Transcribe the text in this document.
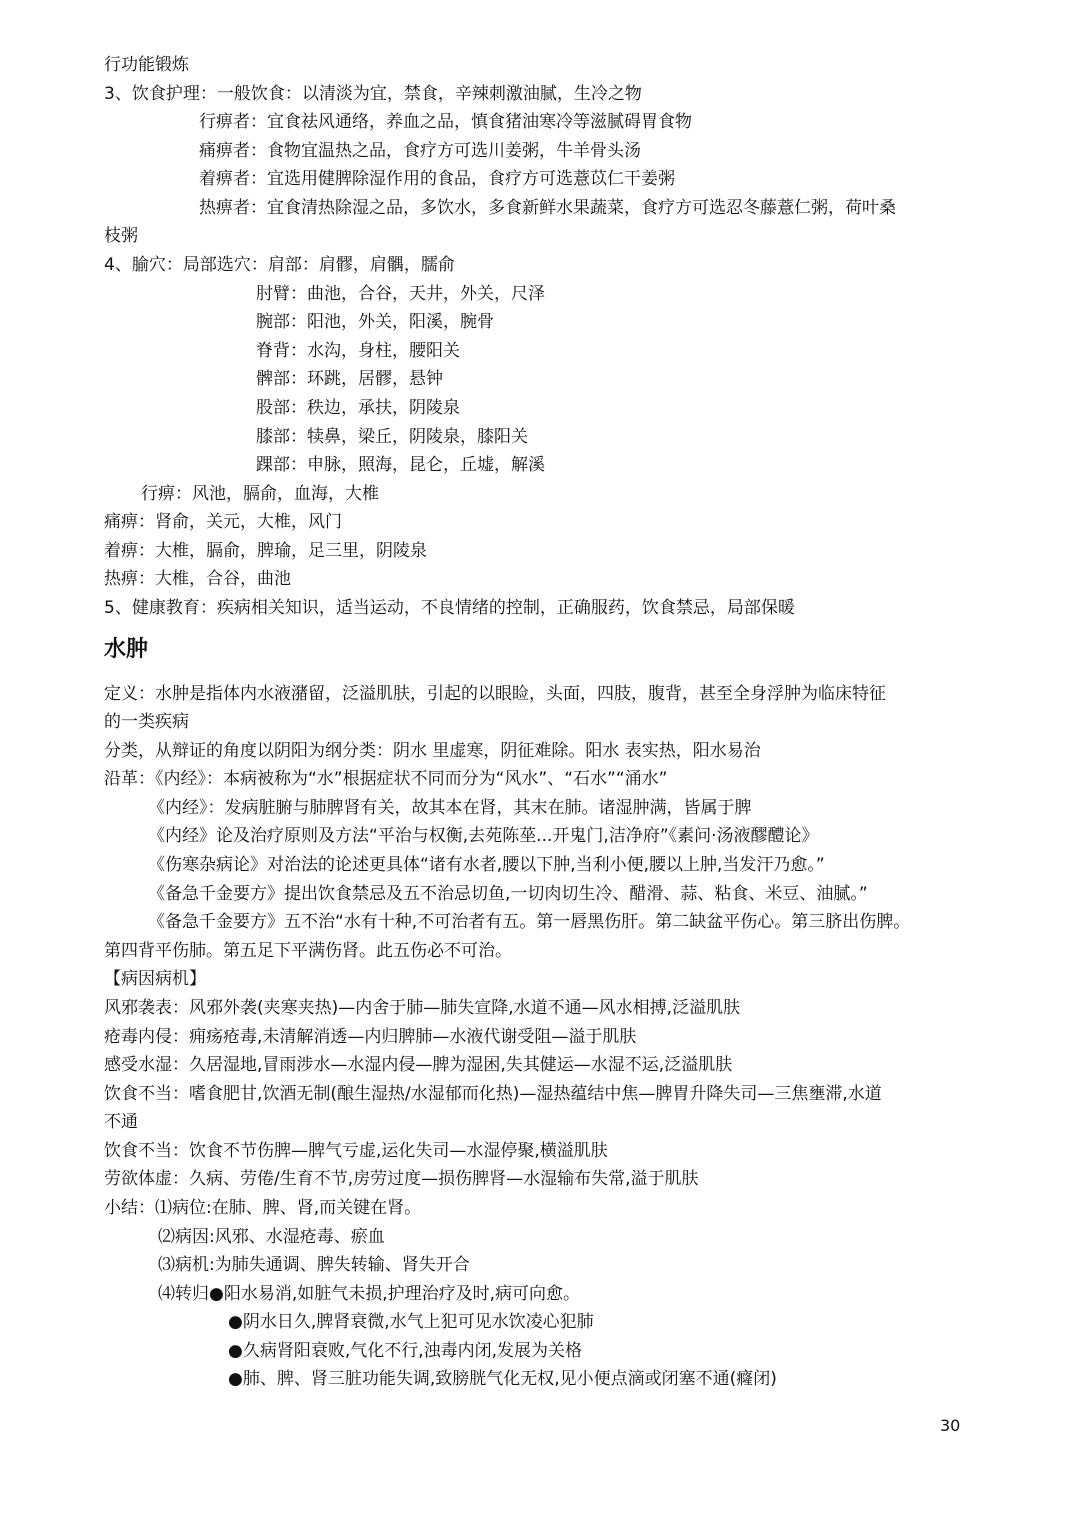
行功能锻炼
3、饮食护理：一般饮食：以清淡为宜，禁食，辛辣刺激油腻，生冷之物
行痹者：宜食祛风通络，养血之品，慎食猪油寒冷等滋腻碍胃食物
痛痹者：食物宜温热之品，食疗方可选川姜粥，牛羊骨头汤
着痹者：宜选用健脾除湿作用的食品，食疗方可选薏苡仁干姜粥
热痹者：宜食清热除湿之品，多饮水，多食新鲜水果蔬菜，食疗方可选忍冬藤薏仁粥，荷叶桑
枝粥
4、腧穴：局部选穴：肩部：肩髎，肩髃，臑俞
肘臂：曲池，合谷，天井，外关，尺泽
腕部：阳池，外关，阳溪，腕骨
脊背：水沟，身柱，腰阳关
髀部：环跳，居髎，悬钟
股部：秩边，承扶，阴陵泉
膝部：犊鼻，梁丘，阴陵泉，膝阳关
踝部：申脉，照海，昆仑，丘墟，解溪
行痹：风池，膈俞，血海，大椎
痛痹：肾俞，关元，大椎，风门
着痹：大椎，膈俞，脾瑜，足三里，阴陵泉
热痹：大椎，合谷，曲池
5、健康教育：疾病相关知识，适当运动，不良情绪的控制，正确服药，饮食禁忌，局部保暖
水肿
定义：水肿是指体内水液潴留，泛溢肌肤，引起的以眼睑，头面，四肢，腹背，甚至全身浮肿为临床特征
的一类疾病
分类，从辩证的角度以阴阳为纲分类：阴水 里虚寒，阴征难除。阳水 表实热，阳水易治
沿革：《内经》：本病被称为“水”根据症状不同而分为“风水”、“石水”“涌水”
《内经》：发病脏腑与肺脾肾有关，故其本在肾，其末在肺。诸湿肿满，皆属于脾
《内经》论及治疗原则及方法“平治与权衡,去苑陈莝...开鬼门,洁净府”《素问·汤液醪醴论》
《伤寒杂病论》对治法的论述更具体“诸有水者,腰以下肿,当利小便,腰以上肿,当发汗乃愈。”
《备急千金要方》提出饮食禁忌及五不治忌切鱼,一切肉切生冷、醋滑、蒜、粘食、米豆、油腻。”
《备急千金要方》五不治“水有十种,不可治者有五。第一唇黑伤肝。第二缺盆平伤心。第三脐出伤脾。
第四背平伤肺。第五足下平满伤肾。此五伤必不可治。
【病因病机】
风邪袭表：风邪外袭(夹寒夹热)—内舍于肺—肺失宣降,水道不通—风水相搏,泛溢肌肤
疮毒内侵：痈疡疮毒,未清解消透—内归脾肺—水液代谢受阻—溢于肌肤
感受水湿：久居湿地,冒雨涉水—水湿内侵—脾为湿困,失其健运—水湿不运,泛溢肌肤
饮食不当：嗜食肥甘,饮酒无制(酿生湿热/水湿郁而化热)—湿热蕴结中焦—脾胃升降失司—三焦壅滞,水道
不通
饮食不当：饮食不节伤脾—脾气亏虚,运化失司—水湿停聚,横溢肌肤
劳欲体虚：久病、劳倦/生育不节,房劳过度—损伤脾肾—水湿输布失常,溢于肌肤
小结：⑴病位:在肺、脾、肾,而关键在肾。
⑵病因:风邪、水湿疮毒、瘀血
⑶病机:为肺失通调、脾失转输、肾失开合
⑷转归●阳水易消,如脏气未损,护理治疗及时,病可向愈。
●阴水日久,脾肾衰微,水气上犯可见水饮凌心犯肺
●久病肾阳衰败,气化不行,浊毒内闭,发展为关格
●肺、脾、肾三脏功能失调,致膀胱气化无权,见小便点滴或闭塞不通(癃闭)
30
